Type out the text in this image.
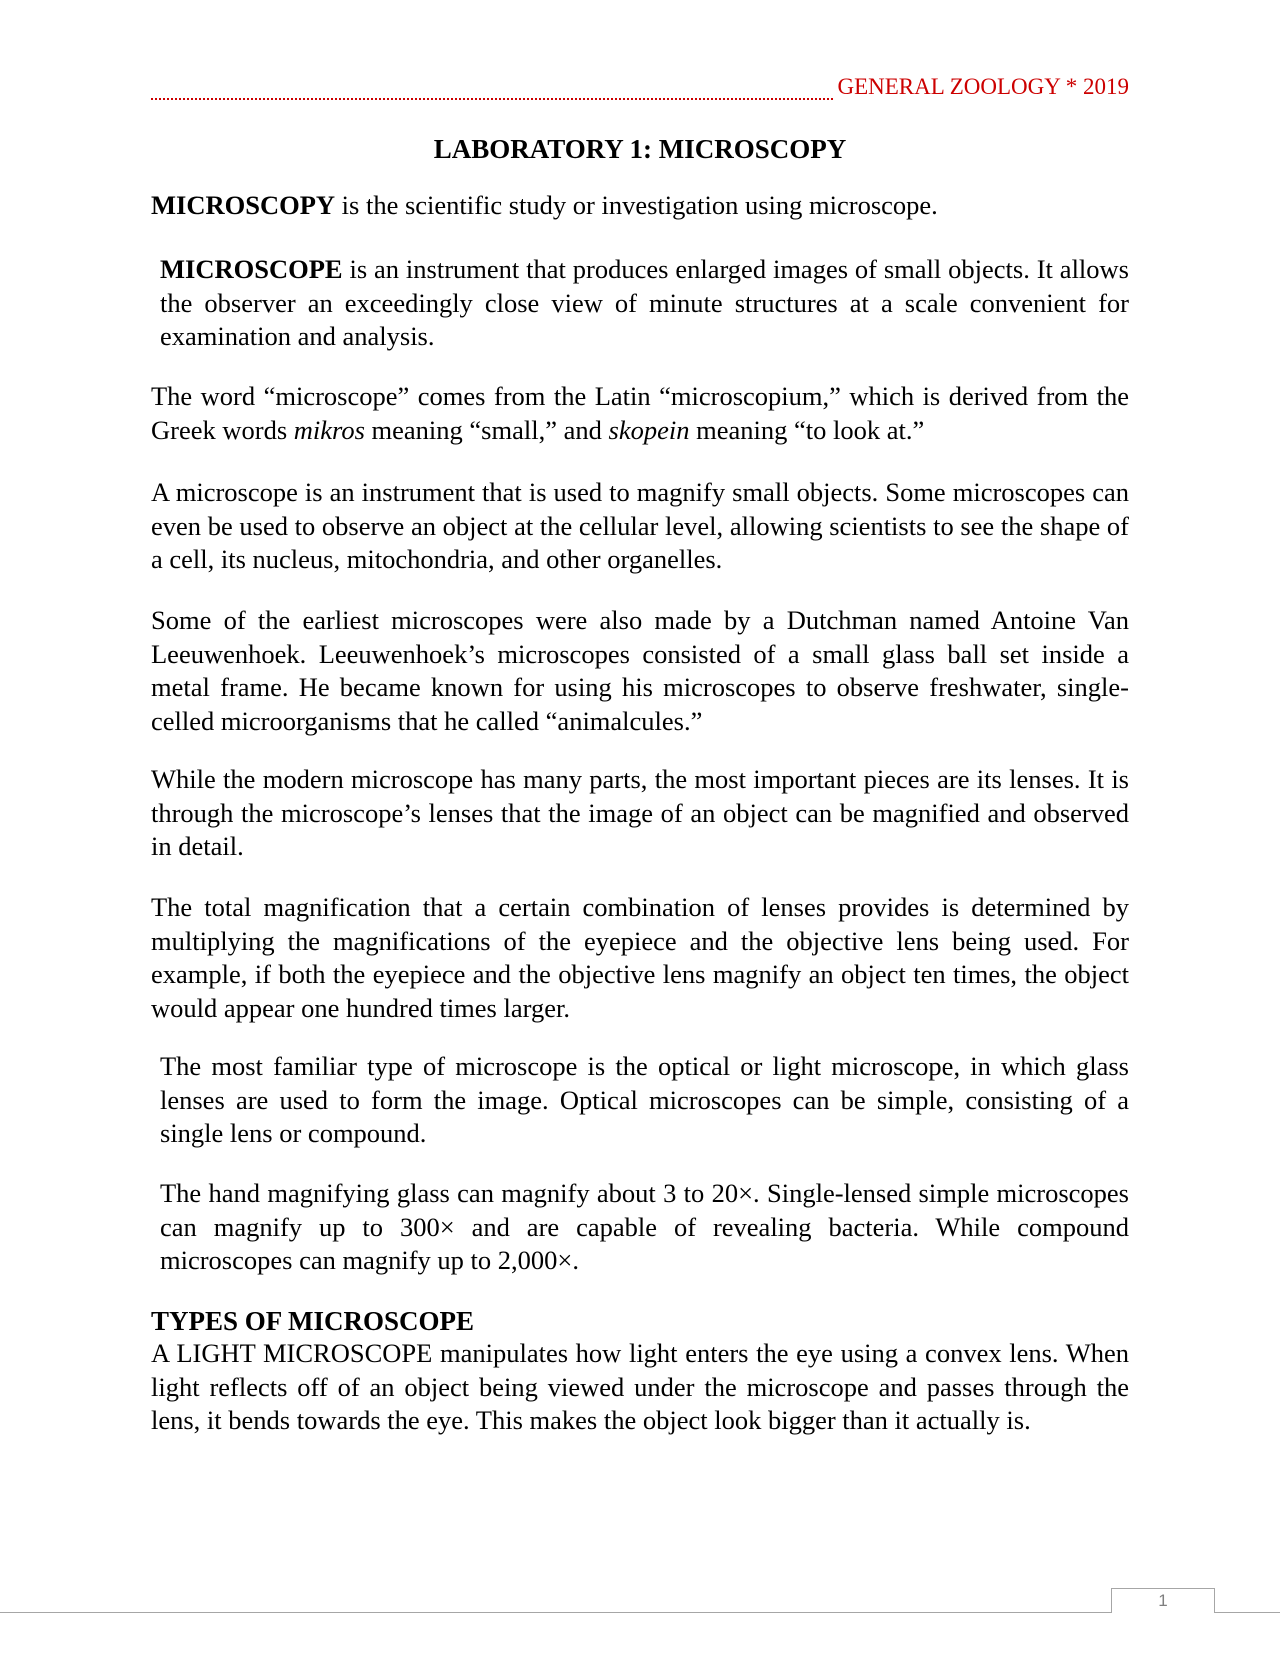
GENERAL ZOOLOGY * 2019
LABORATORY 1: MICROSCOPY

MICROSCOPY is the scientific study or investigation using microscope.

MICROSCOPE is an instrument that produces enlarged images of small objects. It allows the observer an exceedingly close view of minute structures at a scale convenient for examination and analysis.

The word “microscope” comes from the Latin “microscopium,” which is derived from the Greek words mikros meaning “small,” and skopein meaning “to look at.”

A microscope is an instrument that is used to magnify small objects. Some microscopes can even be used to observe an object at the cellular level, allowing scientists to see the shape of a cell, its nucleus, mitochondria, and other organelles.

Some of the earliest microscopes were also made by a Dutchman named Antoine Van Leeuwenhoek. Leeuwenhoek’s microscopes consisted of a small glass ball set inside a metal frame. He became known for using his microscopes to observe freshwater, single-celled microorganisms that he called “animalcules.”

While the modern microscope has many parts, the most important pieces are its lenses. It is through the microscope’s lenses that the image of an object can be magnified and observed in detail.

The total magnification that a certain combination of lenses provides is determined by multiplying the magnifications of the eyepiece and the objective lens being used. For example, if both the eyepiece and the objective lens magnify an object ten times, the object would appear one hundred times larger.

The most familiar type of microscope is the optical or light microscope, in which glass lenses are used to form the image. Optical microscopes can be simple, consisting of a single lens or compound.

The hand magnifying glass can magnify about 3 to 20×. Single-lensed simple microscopes can magnify up to 300× and are capable of revealing bacteria. While compound microscopes can magnify up to 2,000×.

TYPES OF MICROSCOPE

A LIGHT MICROSCOPE manipulates how light enters the eye using a convex lens. When light reflects off of an object being viewed under the microscope and passes through the lens, it bends towards the eye. This makes the object look bigger than it actually is.

1
